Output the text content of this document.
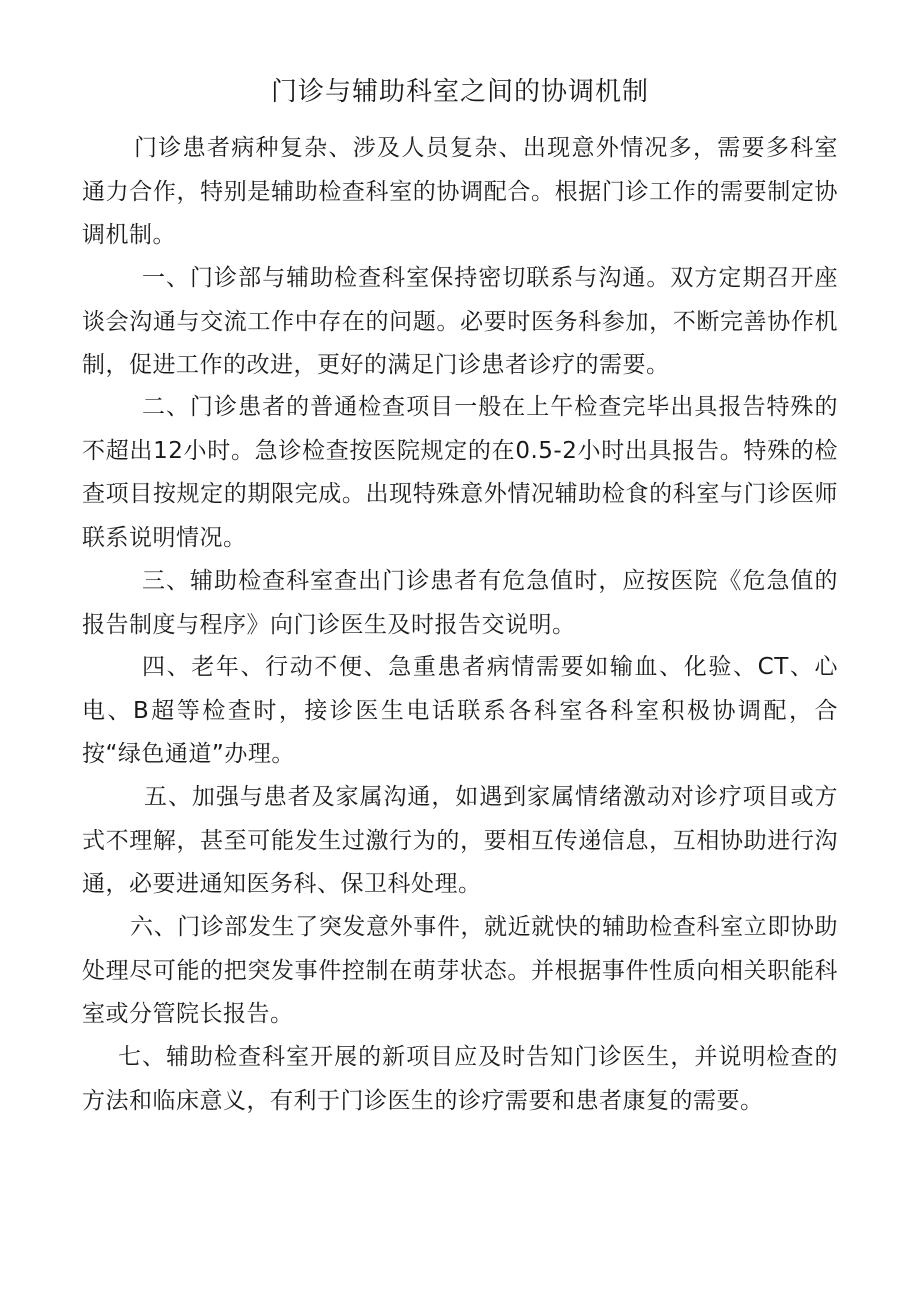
门诊与辅助科室之间的协调机制

门诊患者病种复杂、涉及人员复杂、出现意外情况多，需要多科室通力合作，特别是辅助检查科室的协调配合。根据门诊工作的需要制定协调机制。

一、门诊部与辅助检查科室保持密切联系与沟通。双方定期召开座谈会沟通与交流工作中存在的问题。必要时医务科参加，不断完善协作机制，促进工作的改进，更好的满足门诊患者诊疗的需要。

二、门诊患者的普通检查项目一般在上午检查完毕出具报告特殊的不超出12小时。急诊检查按医院规定的在0.5-2小时出具报告。特殊的检查项目按规定的期限完成。出现特殊意外情况辅助检食的科室与门诊医师联系说明情况。

三、辅助检查科室查出门诊患者有危急值时，应按医院《危急值的报告制度与程序》向门诊医生及时报告交说明。

四、老年、行动不便、急重患者病情需要如输血、化验、CT、心电、B超等检查时，接诊医生电话联系各科室各科室积极协调配，合按“绿色通道”办理。

五、加强与患者及家属沟通，如遇到家属情绪激动对诊疗项目或方式不理解，甚至可能发生过激行为的，要相互传递信息，互相协助进行沟通，必要进通知医务科、保卫科处理。

六、门诊部发生了突发意外事件，就近就快的辅助检查科室立即协助处理尽可能的把突发事件控制在萌芽状态。并根据事件性质向相关职能科室或分管院长报告。

七、辅助检查科室开展的新项目应及时告知门诊医生，并说明检查的方法和临床意义，有利于门诊医生的诊疗需要和患者康复的需要。
